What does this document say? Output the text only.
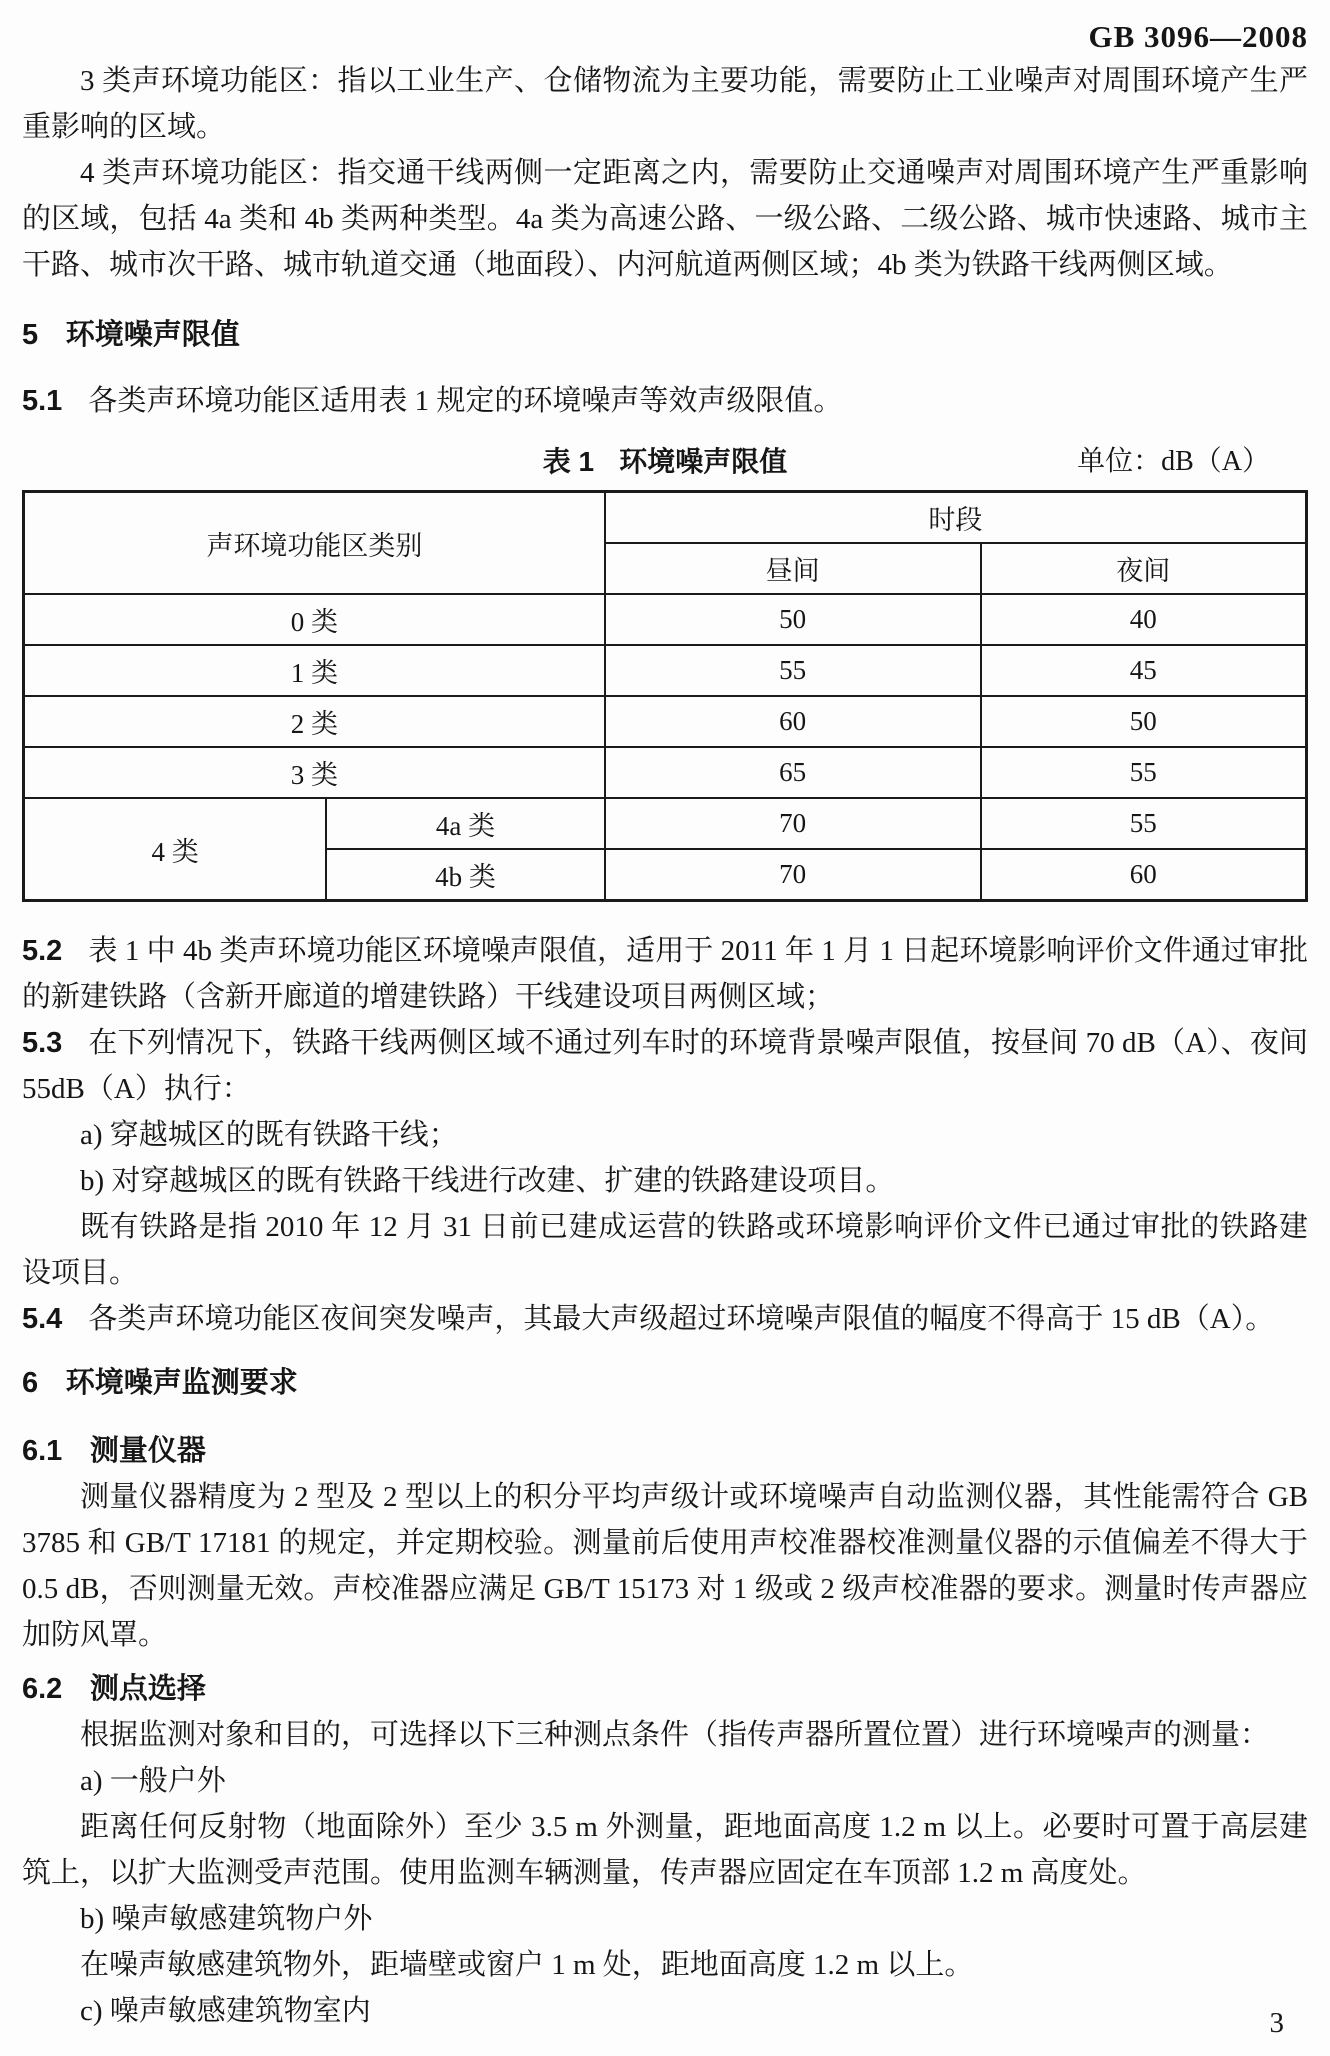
GB 3096—2008

3 类声环境功能区：指以工业生产、仓储物流为主要功能，需要防止工业噪声对周围环境产生严重影响的区域。

4 类声环境功能区：指交通干线两侧一定距离之内，需要防止交通噪声对周围环境产生严重影响的区域，包括 4a 类和 4b 类两种类型。4a 类为高速公路、一级公路、二级公路、城市快速路、城市主干路、城市次干路、城市轨道交通（地面段）、内河航道两侧区域；4b 类为铁路干线两侧区域。

5 环境噪声限值

5.1 各类声环境功能区适用表 1 规定的环境噪声等效声级限值。

表 1 环境噪声限值	单位：dB（A）
声环境功能区类别		时段	
		昼间	夜间
0 类		50	40
1 类		55	45
2 类		60	50
3 类		65	55
4 类	4a 类	70	55
	4b 类	70	60

5.2 表 1 中 4b 类声环境功能区环境噪声限值，适用于 2011 年 1 月 1 日起环境影响评价文件通过审批的新建铁路（含新开廊道的增建铁路）干线建设项目两侧区域；

5.3 在下列情况下，铁路干线两侧区域不通过列车时的环境背景噪声限值，按昼间 70 dB（A）、夜间 55dB（A）执行：

a) 穿越城区的既有铁路干线；

b) 对穿越城区的既有铁路干线进行改建、扩建的铁路建设项目。

既有铁路是指 2010 年 12 月 31 日前已建成运营的铁路或环境影响评价文件已通过审批的铁路建设项目。

5.4 各类声环境功能区夜间突发噪声，其最大声级超过环境噪声限值的幅度不得高于 15 dB（A）。

6 环境噪声监测要求
6.1 测量仪器

测量仪器精度为 2 型及 2 型以上的积分平均声级计或环境噪声自动监测仪器，其性能需符合 GB 3785 和 GB/T 17181 的规定，并定期校验。测量前后使用声校准器校准测量仪器的示值偏差不得大于 0.5 dB，否则测量无效。声校准器应满足 GB/T 15173 对 1 级或 2 级声校准器的要求。测量时传声器应加防风罩。

6.2 测点选择

根据监测对象和目的，可选择以下三种测点条件（指传声器所置位置）进行环境噪声的测量：

a) 一般户外

距离任何反射物（地面除外）至少 3.5 m 外测量，距地面高度 1.2 m 以上。必要时可置于高层建筑上，以扩大监测受声范围。使用监测车辆测量，传声器应固定在车顶部 1.2 m 高度处。

b) 噪声敏感建筑物户外

在噪声敏感建筑物外，距墙壁或窗户 1 m 处，距地面高度 1.2 m 以上。

c) 噪声敏感建筑物室内	3
